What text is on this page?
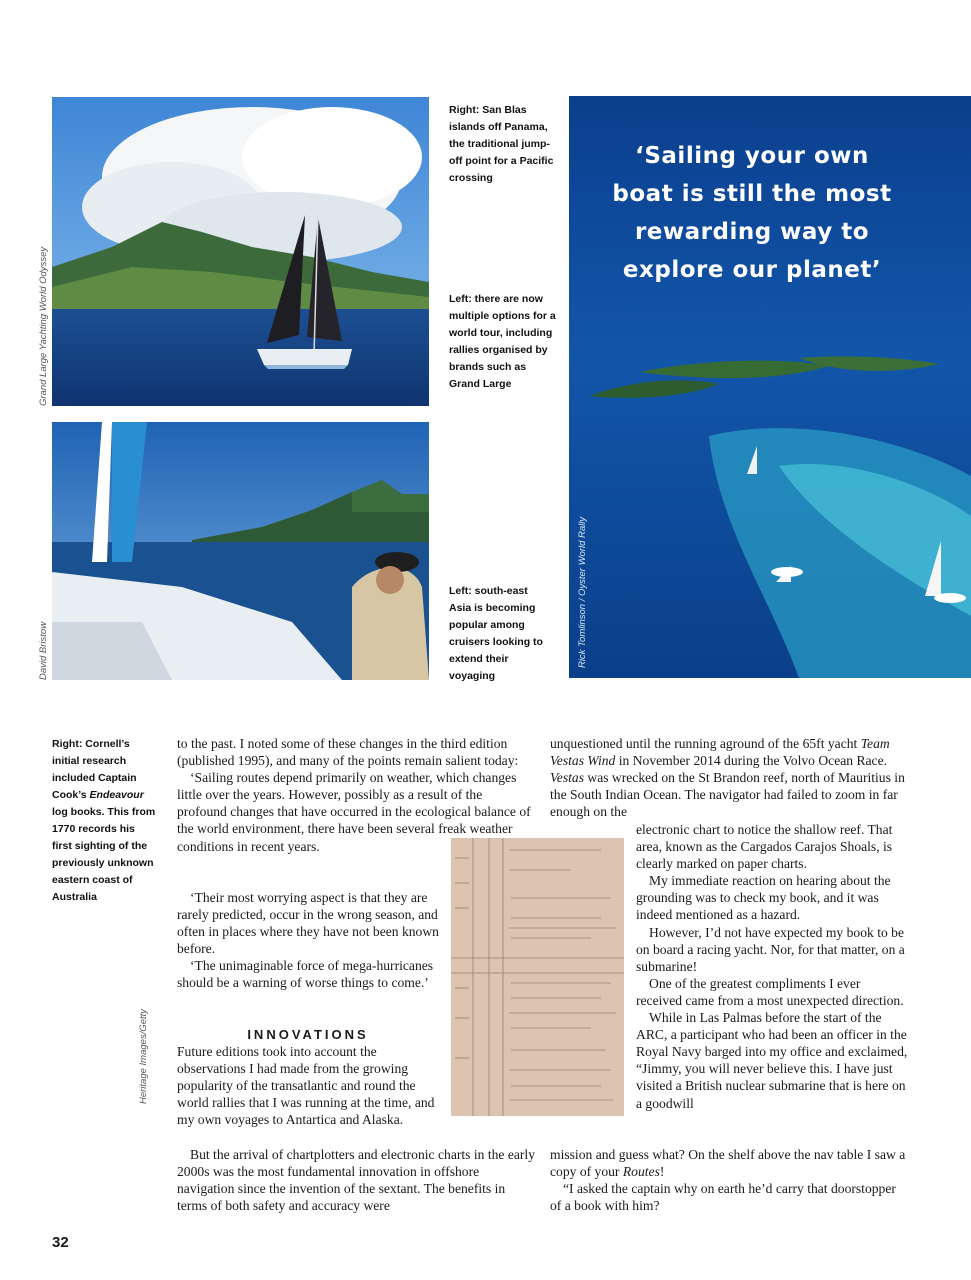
‘Sailing your own boat is still the most rewarding way to explore our planet’
Right: San Blas islands off Panama, the traditional jump-off point for a Pacific crossing
Left: there are now multiple options for a world tour, including rallies organised by brands such as Grand Large
Left: south-east Asia is becoming popular among cruisers looking to extend their voyaging
Right: Cornell’s initial research included Captain Cook’s Endeavour log books. This from 1770 records his first sighting of the previously unknown eastern coast of Australia
Grand Large Yachting World Odyssey
David Bristow	Rick Tomlinson / Oyster World Rally
Heritage Images/Getty

to the past. I noted some of these changes in the third edition (published 1995), and many of the points remain salient today:

‘Sailing routes depend primarily on weather, which changes little over the years. However, possibly as a result of the profound changes that have occurred in the ecological balance of the world environment, there have been several freak weather conditions in recent years.

‘Their most worrying aspect is that they are rarely predicted, occur in the wrong season, and often in places where they have not been known before.

‘The unimaginable force of mega-hurricanes should be a warning of worse things to come.’

INNOVATIONS

Future editions took into account the observations I had made from the growing popularity of the transatlantic and round the world rallies that I was running at the time, and my own voyages to Antartica and Alaska.

But the arrival of chartplotters and electronic charts in the early 2000s was the most fundamental innovation in offshore navigation since the invention of the sextant. The benefits in terms of both safety and accuracy were

unquestioned until the running aground of the 65ft yacht Team Vestas Wind in November 2014 during the Volvo Ocean Race. Vestas was wrecked on the St Brandon reef, north of Mauritius in the South Indian Ocean. The navigator had failed to zoom in far enough on the

electronic chart to notice the shallow reef. That area, known as the Cargados Carajos Shoals, is clearly marked on paper charts.

My immediate reaction on hearing about the grounding was to check my book, and it was indeed mentioned as a hazard.

However, I’d not have expected my book to be on board a racing yacht. Nor, for that matter, on a submarine!

One of the greatest compliments I ever received came from a most unexpected direction.

While in Las Palmas before the start of the ARC, a participant who had been an officer in the Royal Navy barged into my office and exclaimed, “Jimmy, you will never believe this. I have just visited a British nuclear submarine that is here on a goodwill

mission and guess what? On the shelf above the nav table I saw a copy of your Routes!

“I asked the captain why on earth he’d carry that doorstopper of a book with him?

32
